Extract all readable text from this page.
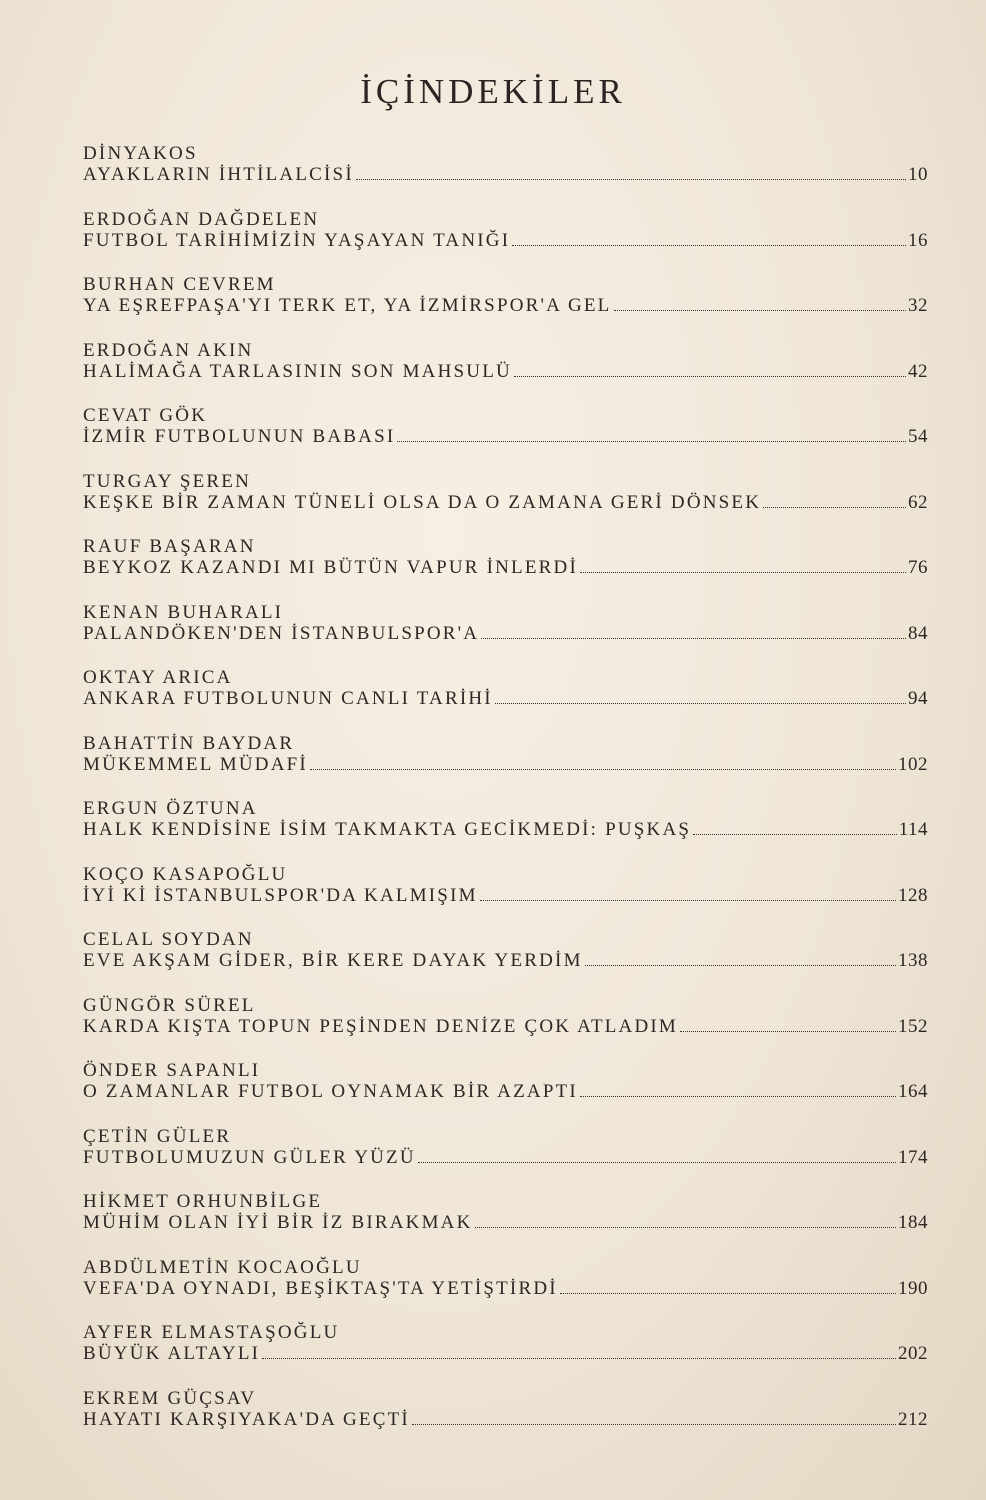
İÇİNDEKİLER
DİNYAKOS
AYAKLARIN İHTİLALCİSİ	10
ERDOĞAN DAĞDELEN
FUTBOL TARİHİMİZİN YAŞAYAN TANIĞI	16
BURHAN CEVREM
YA EŞREFPAŞA'YI TERK ET, YA İZMİRSPOR'A GEL	32
ERDOĞAN AKIN
HALİMAĞA TARLASININ SON MAHSULÜ	42
CEVAT GÖK
İZMİR FUTBOLUNUN BABASI	54
TURGAY ŞEREN
KEŞKE BİR ZAMAN TÜNELİ OLSA DA O ZAMANA GERİ DÖNSEK	62
RAUF BAŞARAN
BEYKOZ KAZANDI MI BÜTÜN VAPUR İNLERDİ	76
KENAN BUHARALI
PALANDÖKEN'DEN İSTANBULSPOR'A	84
OKTAY ARICA
ANKARA FUTBOLUNUN CANLI TARİHİ	94
BAHATTİN BAYDAR
MÜKEMMEL MÜDAFİ	102
ERGUN ÖZTUNA
HALK KENDİSİNE İSİM TAKMAKTA GECİKMEDİ: PUŞKAŞ	114
KOÇO KASAPOĞLU
İYİ Kİ İSTANBULSPOR'DA KALMIŞIM	128
CELAL SOYDAN
EVE AKŞAM GİDER, BİR KERE DAYAK YERDİM	138
GÜNGÖR SÜREL
KARDA KIŞTA TOPUN PEŞİNDEN DENİZE ÇOK ATLADIM	152
ÖNDER SAPANLI
O ZAMANLAR FUTBOL OYNAMAK BİR AZAPTI	164
ÇETİN GÜLER
FUTBOLUMUZUN GÜLER YÜZÜ	174
HİKMET ORHUNBİLGE
MÜHİM OLAN İYİ BİR İZ BIRAKMAK	184
ABDÜLMETİN KOCAOĞLU
VEFA'DA OYNADI, BEŞİKTAŞ'TA YETİŞTİRDİ	190
AYFER ELMASTAŞOĞLU
BÜYÜK ALTAYLI	202
EKREM GÜÇSAV
HAYATI KARŞIYAKA'DA GEÇTİ	212
